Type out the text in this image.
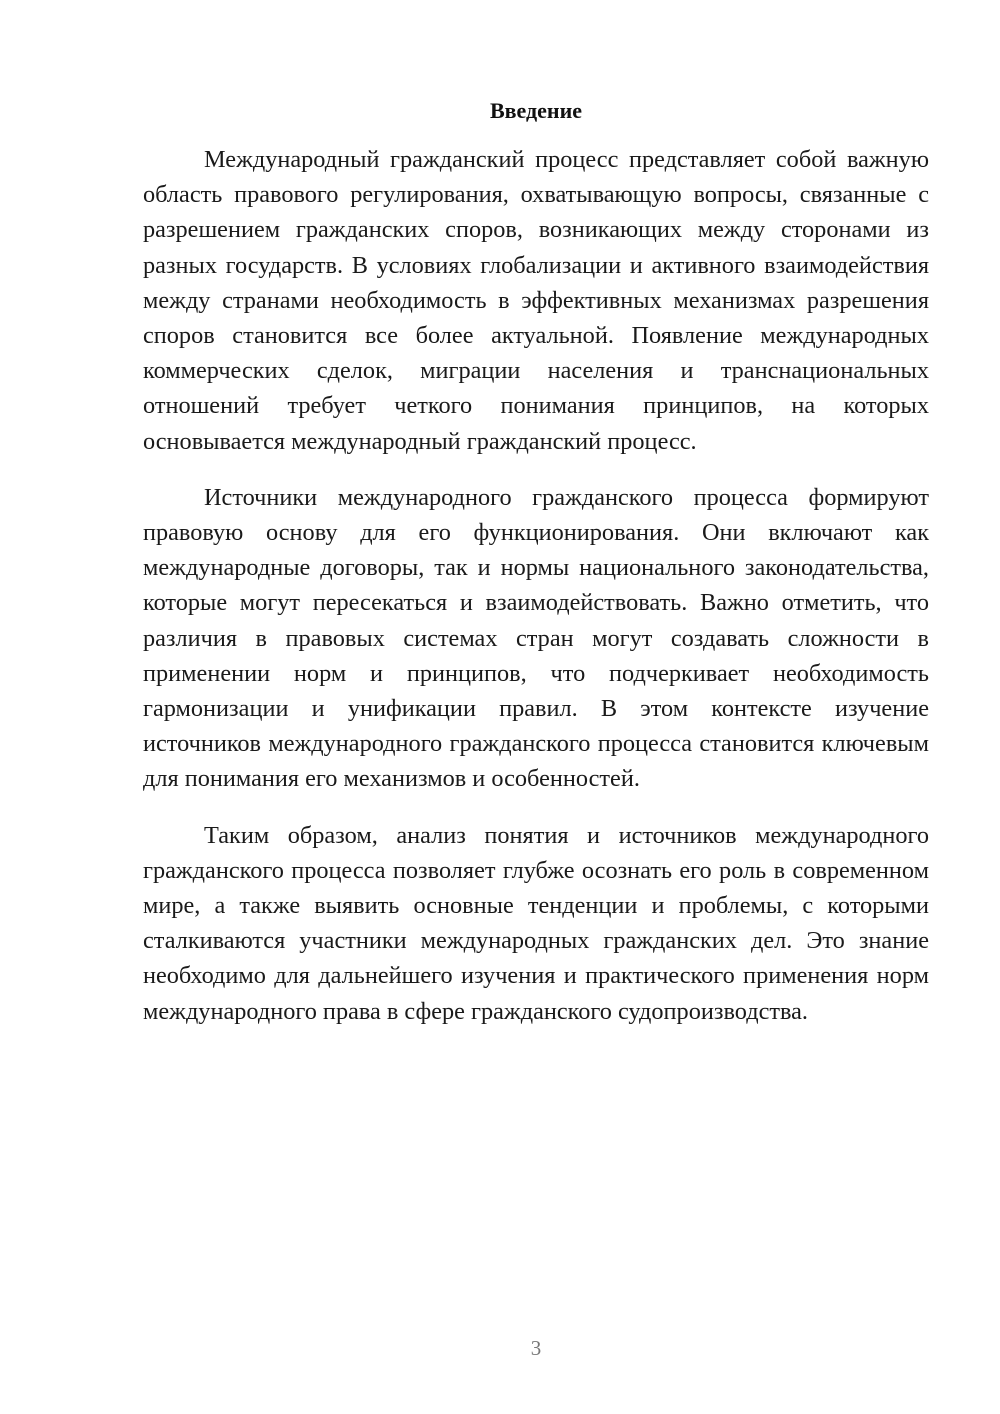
Введение

Международный гражданский процесс представляет собой важную область правового регулирования, охватывающую вопросы, связанные с разрешением гражданских споров, возникающих между сторонами из разных государств. В условиях глобализации и активного взаимодействия между странами необходимость в эффективных механизмах разрешения споров становится все более актуальной. Появление международных коммерческих сделок, миграции населения и транснациональных отношений требует четкого понимания принципов, на которых основывается международный гражданский процесс.

Источники международного гражданского процесса формируют правовую основу для его функционирования. Они включают как международные договоры, так и нормы национального законодательства, которые могут пересекаться и взаимодействовать. Важно отметить, что различия в правовых системах стран могут создавать сложности в применении норм и принципов, что подчеркивает необходимость гармонизации и унификации правил. В этом контексте изучение источников международного гражданского процесса становится ключевым для понимания его механизмов и особенностей.

Таким образом, анализ понятия и источников международного гражданского процесса позволяет глубже осознать его роль в современном мире, а также выявить основные тенденции и проблемы, с которыми сталкиваются участники международных гражданских дел. Это знание необходимо для дальнейшего изучения и практического применения норм международного права в сфере гражданского судопроизводства.

3
